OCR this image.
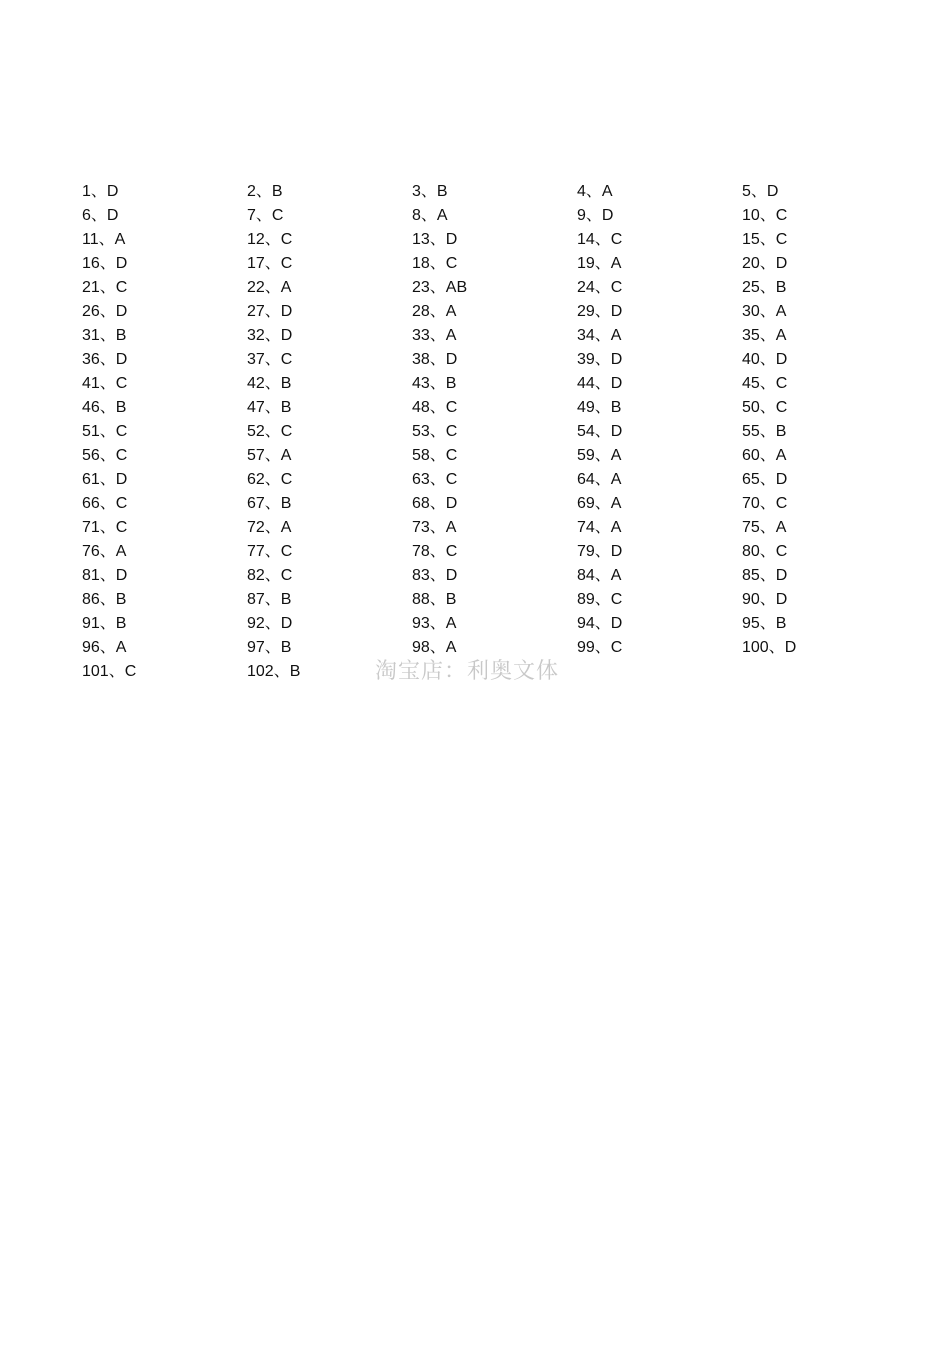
1、D	2、B	3、B	4、A	5、D
6、D	7、C	8、A	9、D	10、C
11、A	12、C	13、D	14、C	15、C
16、D	17、C	18、C	19、A	20、D
21、C	22、A	23、AB	24、C	25、B
26、D	27、D	28、A	29、D	30、A
31、B	32、D	33、A	34、A	35、A
36、D	37、C	38、D	39、D	40、D
41、C	42、B	43、B	44、D	45、C
46、B	47、B	48、C	49、B	50、C
51、C	52、C	53、C	54、D	55、B
56、C	57、A	58、C	59、A	60、A
61、D	62、C	63、C	64、A	65、D
66、C	67、B	68、D	69、A	70、C
71、C	72、A	73、A	74、A	75、A
76、A	77、C	78、C	79、D	80、C
81、D	82、C	83、D	84、A	85、D
86、B	87、B	88、B	89、C	90、D
91、B	92、D	93、A	94、D	95、B
96、A	97、B	98、A	99、C	100、D
101、C	102、B	淘宝店：利奥文体
